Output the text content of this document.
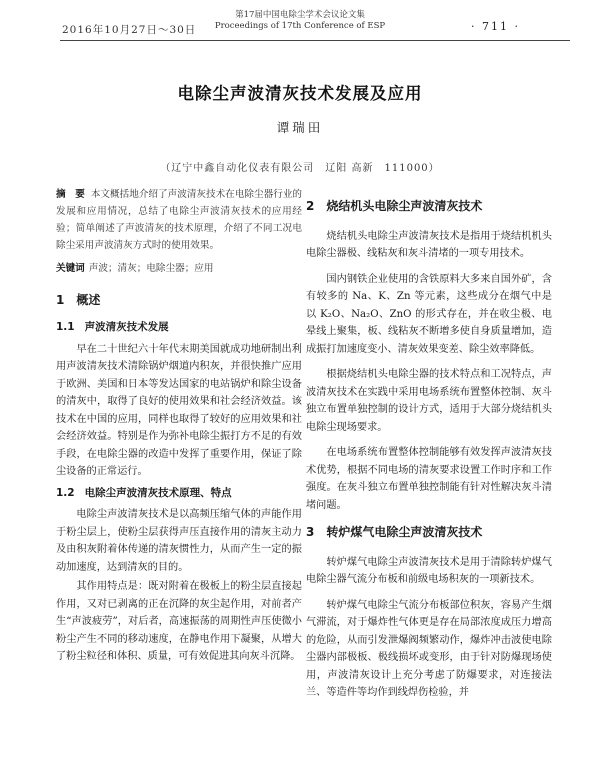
2016年10月27日～30日
第17届中国电除尘学术会议论文集
Proceedings of 17th Conference of ESP	· 711 ·
电除尘声波清灰技术发展及应用
谭瑞田
（辽宁中鑫自动化仪表有限公司　辽阳 高新　111000）
摘　要 本文概括地介绍了声波清灰技术在电除尘器行业的发展和应用情况，总结了电除尘声波清灰技术的应用经验；简单阐述了声波清灰的技术原理，介绍了不同工况电除尘采用声波清灰方式时的使用效果。
关键词 声波；清灰；电除尘器；应用
1 概述
1.1 声波清灰技术发展

早在二十世纪六十年代末期美国就成功地研制出利用声波清灰技术清除锅炉烟道内积灰，并很快推广应用于欧洲、美国和日本等发达国家的电站锅炉和除尘设备的清灰中，取得了良好的使用效果和社会经济效益。该技术在中国的应用，同样也取得了较好的应用效果和社会经济效益。特别是作为弥补电除尘振打方不足的有效手段，在电除尘器的改造中发挥了重要作用，保证了除尘设备的正常运行。

1.2 电除尘声波清灰技术原理、特点

电除尘声波清灰技术是以高频压缩气体的声能作用于粉尘层上，使粉尘层获得声压直接作用的清灰主动力及由积灰附着体传递的清灰惯性力，从而产生一定的振动加速度，达到清灰的目的。

其作用特点是：既对附着在极板上的粉尘层直接起作用，又对已剥离的正在沉降的灰尘起作用，对前者产生“声波疲劳”，对后者，高速振荡的周期性声压使微小粉尘产生不同的移动速度，在静电作用下凝聚，从增大了粉尘粒径和体积、质量，可有效促进其向灰斗沉降。

2 烧结机头电除尘声波清灰技术

烧结机头电除尘声波清灰技术是指用于烧结机机头电除尘器极、线粘灰和灰斗清堵的一项专用技术。

国内钢铁企业使用的含铁原料大多来自国外矿，含有较多的 Na、K、Zn 等元素，这些成分在烟气中是以 K₂O、Na₂O、ZnO 的形式存在，并在收尘极、电晕线上聚集，板、线粘灰不断增多使自身质量增加，造成振打加速度变小、清灰效果变差、除尘效率降低。

根据烧结机头电除尘器的技术特点和工况特点，声波清灰技术在实践中采用电场系统布置整体控制、灰斗独立布置单独控制的设计方式，适用于大部分烧结机头电除尘现场要求。

在电场系统布置整体控制能够有效发挥声波清灰技术优势，根据不同电场的清灰要求设置工作时序和工作强度。在灰斗独立布置单独控制能有针对性解决灰斗清堵问题。

3 转炉煤气电除尘声波清灰技术

转炉煤气电除尘声波清灰技术是用于清除转炉煤气电除尘器气流分布板和前级电场积灰的一项新技术。

转炉煤气电除尘气流分布板部位积灰，容易产生烟气滞流，对于爆炸性气体更是存在局部浓度成压力增高的危险，从而引发泄爆阀频繁动作，爆炸冲击波使电除尘器内部极板、极线损坏或变形，由于针对防爆现场使用，声波清灰设计上充分考虑了防爆要求，对连接法兰、等造件等均作到线焊伤检验，并
